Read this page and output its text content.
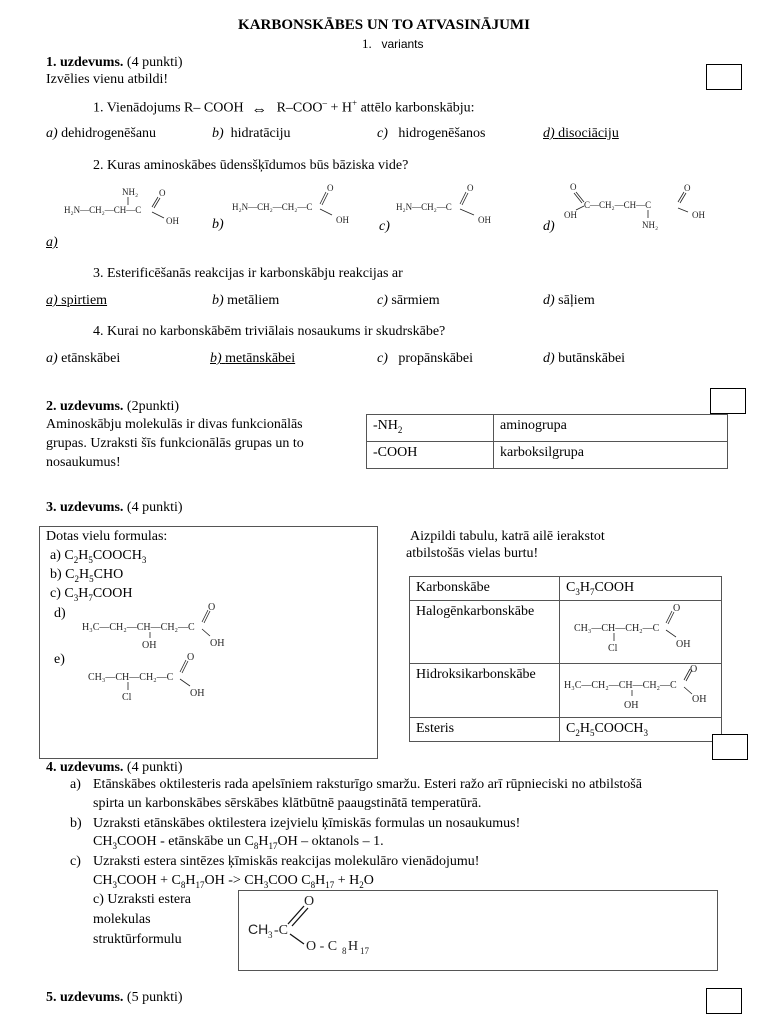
KARBONSKĀBES UN TO ATVASINĀJUMI
1. variants
1. uzdevums. (4 punkti)
Izvēlies vienu atbildi!
1. Vienādojums R– COOH ⇔ R–COO– + H+ attēlo karbonskābju:
a) dehidrogenēšanu	b) hidratāciju	c) hidrogenēšanos	d) disociāciju
2. Kuras aminoskābes ūdensšķīdumos būs bāziska vide?
H₂N—CH₂—CH—C
NH₂ O
OH
a)
H₂N—CH₂—CH₂—C
O
OH
b)
H₂N—CH₂—C
O
OH
c)
O
OH
C—CH₂—CH—C
NH₂
O
OH
d)
3. Esterificēšanās reakcijas ir karbonskābju reakcijas ar
a) spirtiem	b) metāliem	c) sārmiem	d) sāļiem
4. Kurai no karbonskābēm triviālais nosaukums ir skudrskābe?
a) etānskābei	b) metānskābei	c) propānskābei	d) butānskābei
2. uzdevums. (2punkti)
Aminoskābju molekulās ir divas funkcionālās
grupas. Uzraksti šīs funkcionālās grupas un to
nosaukumus!
$-NH_2$	aminogrupa
-COOH	karboksilgrupa
3. uzdevums. (4 punkti)
Dotas vielu formulas:
a) $C_2H_5COOCH_3$
b) $C_2H_5CHO$
c) $C_3H_7COOH$
d)
H₃C—CH₂—CH—CH₂—C
O
OH
OH
e)
CH₃—CH—CH₂—C
O
OH
Cl
Aizpildi tabulu, katrā ailē ierakstot
atbilstošās vielas burtu!
Karbonskābe	$C_3H_7COOH$
Halogēnkarbonskābe	CH₃—CH—CH₂—C
O
OH
Cl

Hidroksikarbonskābe	H₃C—CH₂—CH—CH₂—C
O
OH
OH

Esteris	$C_2H_5COOCH_3$
4. uzdevums. (4 punkti)
a) Etānskābes oktilesteris rada apelsīniem raksturīgo smaržu. Esteri ražo arī rūpnieciski no atbilstošā
spirta un karbonskābes sērskābes klātbūtnē paaugstinātā temperatūrā.
b) Uzraksti etānskābes oktilestera izejvielu ķīmiskās formulas un nosaukumus!
$CH_3COOH$ - etānskābe un $C_8H_{17}OH$ – oktanols – 1.
c) Uzraksti estera sintēzes ķīmiskās reakcijas molekulāro vienādojumu!
$CH_3COOH + C_8H_{17}OH -> CH_3COO$ $C_8H_{17} + H_2O$
c) Uzraksti estera
molekulas
struktūrformulu
CH 3 -C
O
O - C 8 H 17
5. uzdevums. (5 punkti)
